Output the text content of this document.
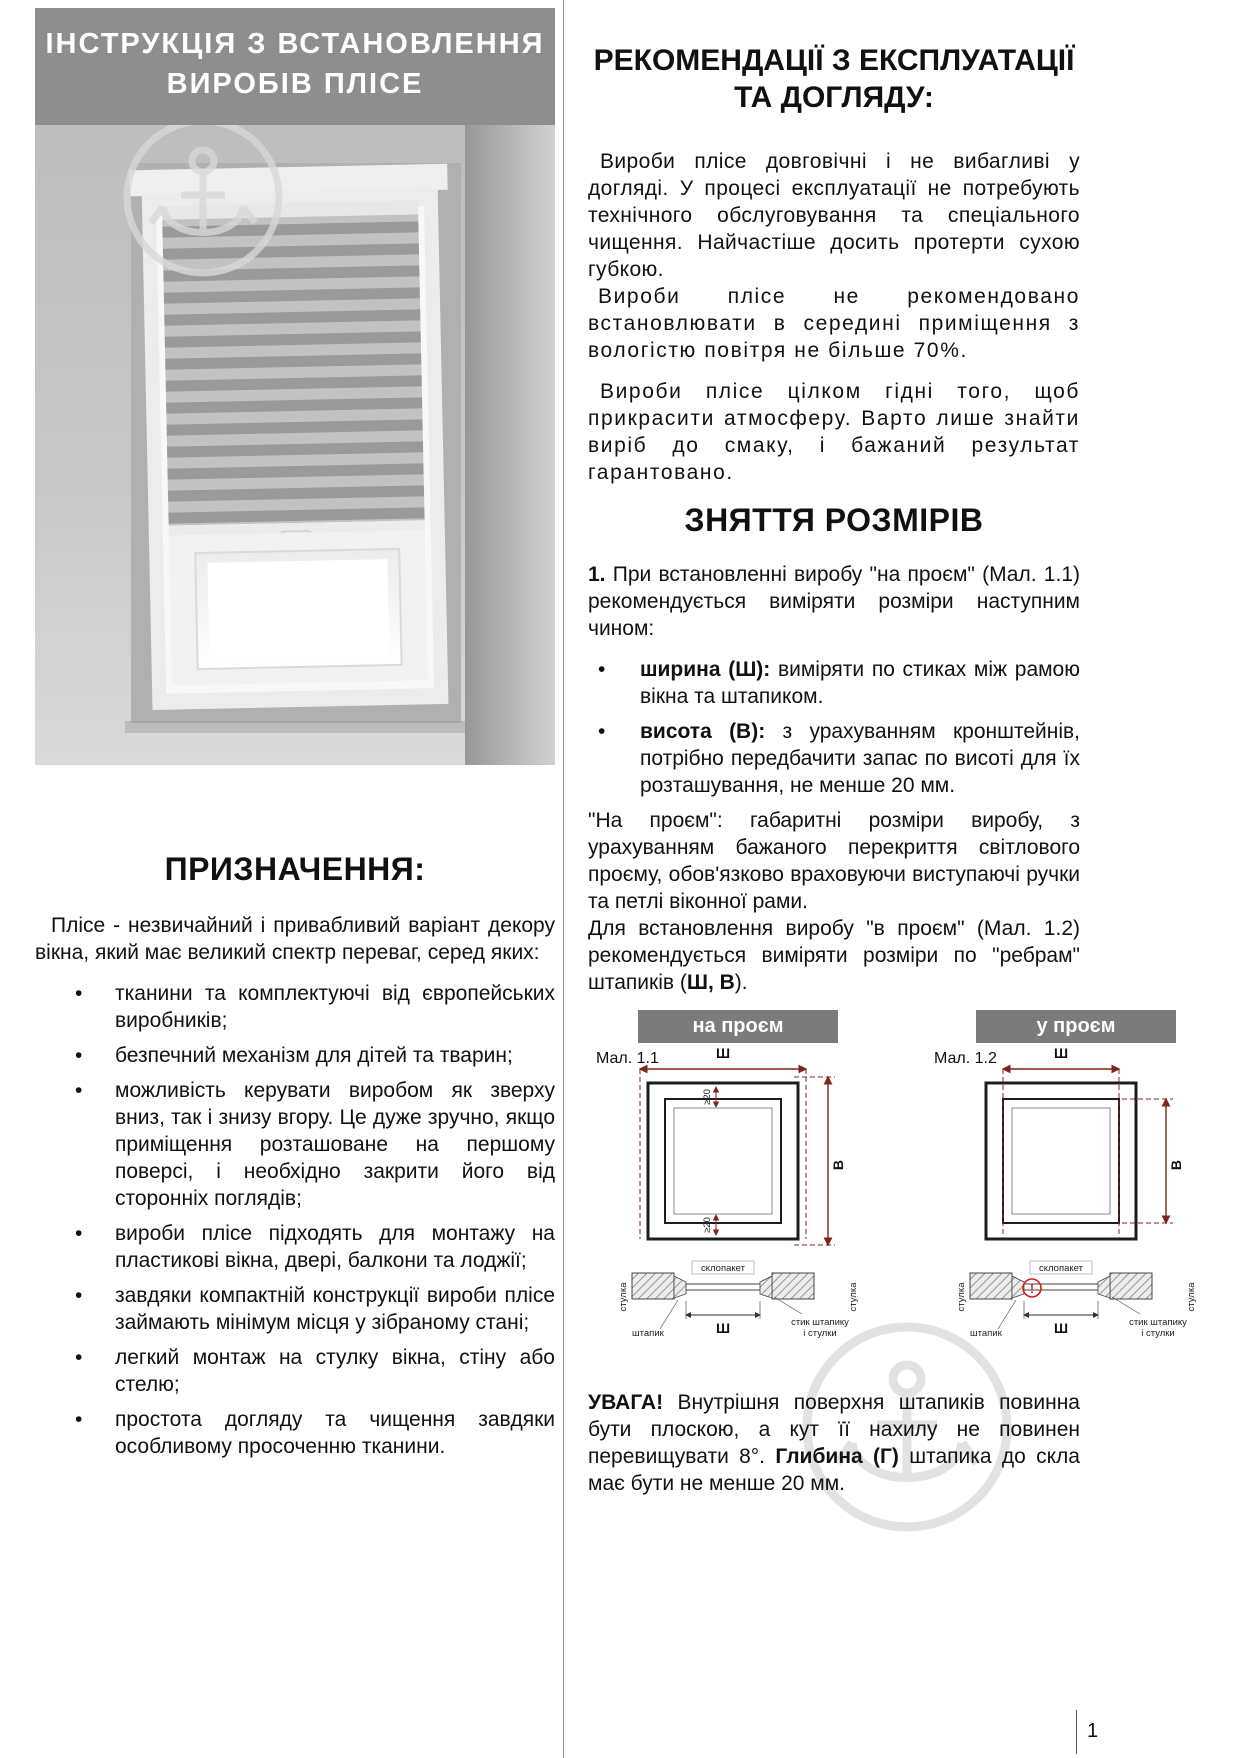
ІНСТРУКЦІЯ З ВСТАНОВЛЕННЯ
ВИРОБІВ ПЛІСЕ
ПРИЗНАЧЕННЯ:

Плісе - незвичайний і привабливий варіант декору вікна, який має великий спектр переваг, серед яких:

•	тканини та комплектуючі від європейських виробників;
•	безпечний механізм для дітей та тварин;
•	можливість керувати виробом як зверху вниз, так і знизу вгору. Це дуже зручно, якщо приміщення розташоване на першому поверсі, і необхідно закрити його від сторонніх поглядів;
•	вироби плісе підходять для монтажу на пластикові вікна, двері, балкони та лоджії;
•	завдяки компактній конструкції вироби плісе займають мінімум місця у зібраному стані;
•	легкий монтаж на стулку вікна, стіну або стелю;
•	простота догляду та чищення завдяки особливому просоченню тканини.
РЕКОМЕНДАЦІЇ З ЕКСПЛУАТАЦІЇ
ТА ДОГЛЯДУ:

Вироби плісе довговічні і не вибагливі у догляді. У процесі експлуатації не потребують технічного обслуговування та спеціального чищення. Найчастіше досить протерти сухою губкою.

Вироби плісе не рекомендовано встановлювати в середині приміщення з вологістю повітря не більше 70%.

Вироби плісе цілком гідні того, щоб прикрасити атмосферу. Варто лише знайти виріб до смаку, і бажаний результат гарантовано.

ЗНЯТТЯ РОЗМІРІВ

1. При встановленні виробу "на проєм" (Мал. 1.1) рекомендується виміряти розміри наступним чином:

•	ширина (Ш): виміряти по стиках між рамою вікна та штапиком.
•	висота (В): з урахуванням кронштейнів, потрібно передбачити запас по висоті для їх розташування, не менше 20 мм.

"На проєм": габаритні розміри виробу, з урахуванням бажаного перекриття світлового проєму, обов'язково враховуючи виступаючі ручки та петлі віконної рами.

Для встановлення виробу "в проєм" (Мал. 1.2) рекомендується виміряти розміри по "ребрам" штапиків (Ш, В).

на проєм
Мал. 1.1	Ш
В
≥20
≥20
стулка	стулка
склопакет
штапик	Ш	стик штапику
і стулки
у проєм
Мал. 1.2	Ш
В
стулка	стулка
склопакет
!
штапик	Ш	стик штапику
і стулки

УВАГА! Внутрішня поверхня штапиків повинна бути плоскою, а кут її нахилу не повинен перевищувати 8°. Глибина (Г) штапика до скла має бути не менше 20 мм.

1
